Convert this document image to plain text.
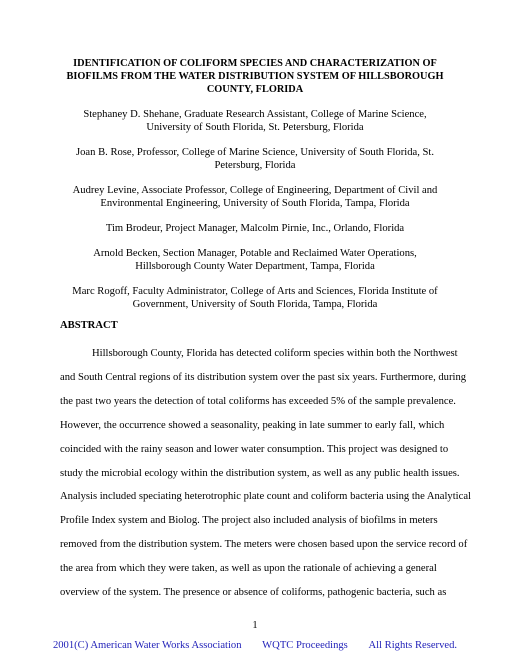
IDENTIFICATION OF COLIFORM SPECIES AND CHARACTERIZATION OF BIOFILMS FROM THE WATER DISTRIBUTION SYSTEM OF HILLSBOROUGH COUNTY, FLORIDA

Stephaney D. Shehane, Graduate Research Assistant, College of Marine Science, University of South Florida, St. Petersburg, Florida

Joan B. Rose, Professor, College of Marine Science, University of South Florida, St. Petersburg, Florida

Audrey Levine, Associate Professor, College of Engineering, Department of Civil and Environmental Engineering, University of South Florida, Tampa, Florida

Tim Brodeur, Project Manager, Malcolm Pirnie, Inc., Orlando, Florida

Arnold Becken, Section Manager, Potable and Reclaimed Water Operations, Hillsborough County Water Department, Tampa, Florida

Marc Rogoff, Faculty Administrator, College of Arts and Sciences, Florida Institute of Government, University of South Florida, Tampa, Florida

ABSTRACT
Hillsborough County, Florida has detected coliform species within both the Northwest
and South Central regions of its distribution system over the past six years. Furthermore, during
the past two years the detection of total coliforms has exceeded 5% of the sample prevalence.
However, the occurrence showed a seasonality, peaking in late summer to early fall, which
coincided with the rainy season and lower water consumption. This project was designed to
study the microbial ecology within the distribution system, as well as any public health issues.
Analysis included speciating heterotrophic plate count and coliform bacteria using the Analytical
Profile Index system and Biolog. The project also included analysis of biofilms in meters
removed from the distribution system. The meters were chosen based upon the service record of
the area from which they were taken, as well as upon the rationale of achieving a general
overview of the system. The presence or absence of coliforms, pathogenic bacteria, such as
1
2001(C) American Water Works Association WQTC Proceedings All Rights Reserved.
